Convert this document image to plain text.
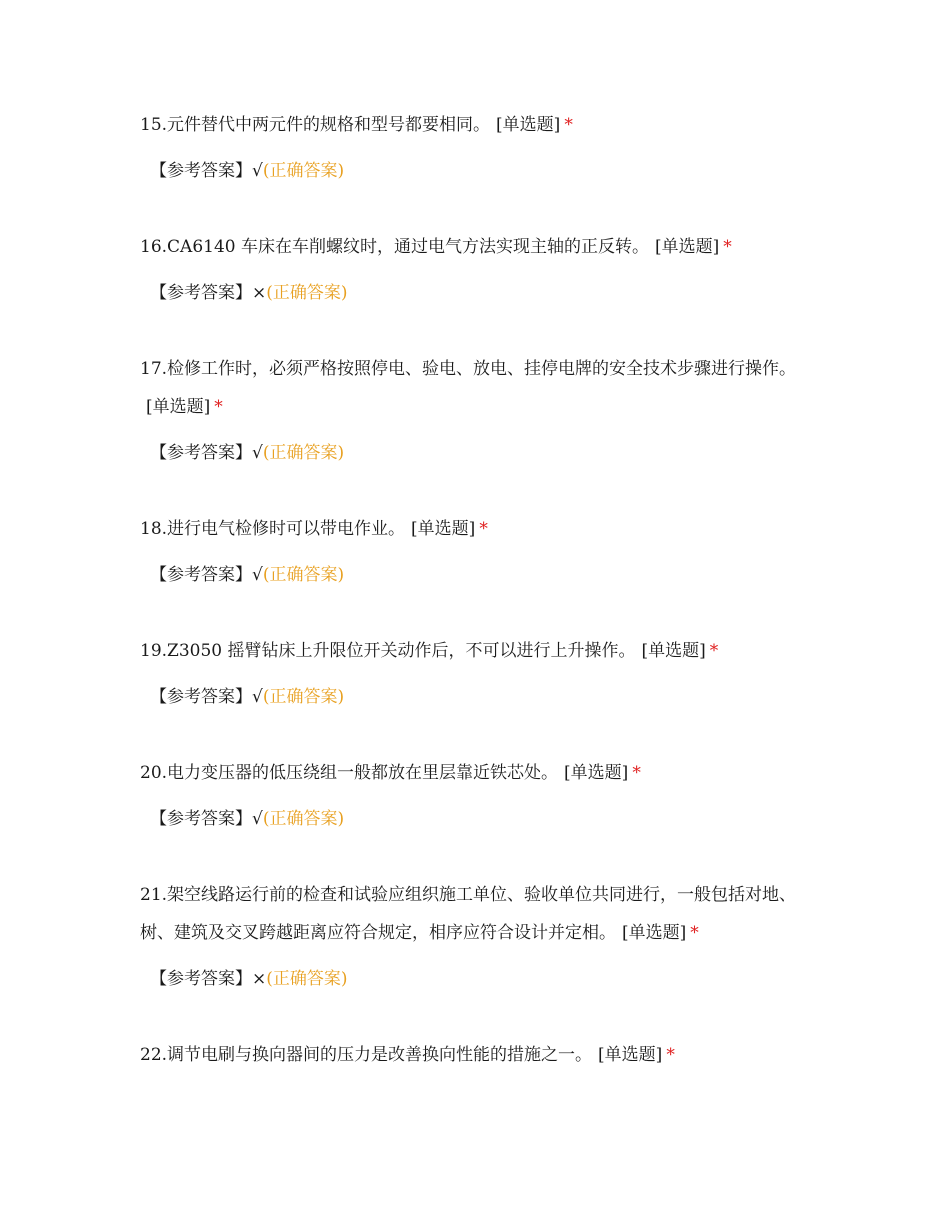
15.元件替代中两元件的规格和型号都要相同。 [单选题] *
【参考答案】√(正确答案)
16.CA6140 车床在车削螺纹时，通过电气方法实现主轴的正反转。 [单选题] *
【参考答案】×(正确答案)
17.检修工作时，必须严格按照停电、验电、放电、挂停电牌的安全技术步骤进行操作。[单选题] *
【参考答案】√(正确答案)
18.进行电气检修时可以带电作业。 [单选题] *
【参考答案】√(正确答案)
19.Z3050 摇臂钻床上升限位开关动作后，不可以进行上升操作。 [单选题] *
【参考答案】√(正确答案)
20.电力变压器的低压绕组一般都放在里层靠近铁芯处。 [单选题] *
【参考答案】√(正确答案)
21.架空线路运行前的检查和试验应组织施工单位、验收单位共同进行，一般包括对地、树、建筑及交叉跨越距离应符合规定，相序应符合设计并定相。 [单选题] *
【参考答案】×(正确答案)
22.调节电刷与换向器间的压力是改善换向性能的措施之一。 [单选题] *
